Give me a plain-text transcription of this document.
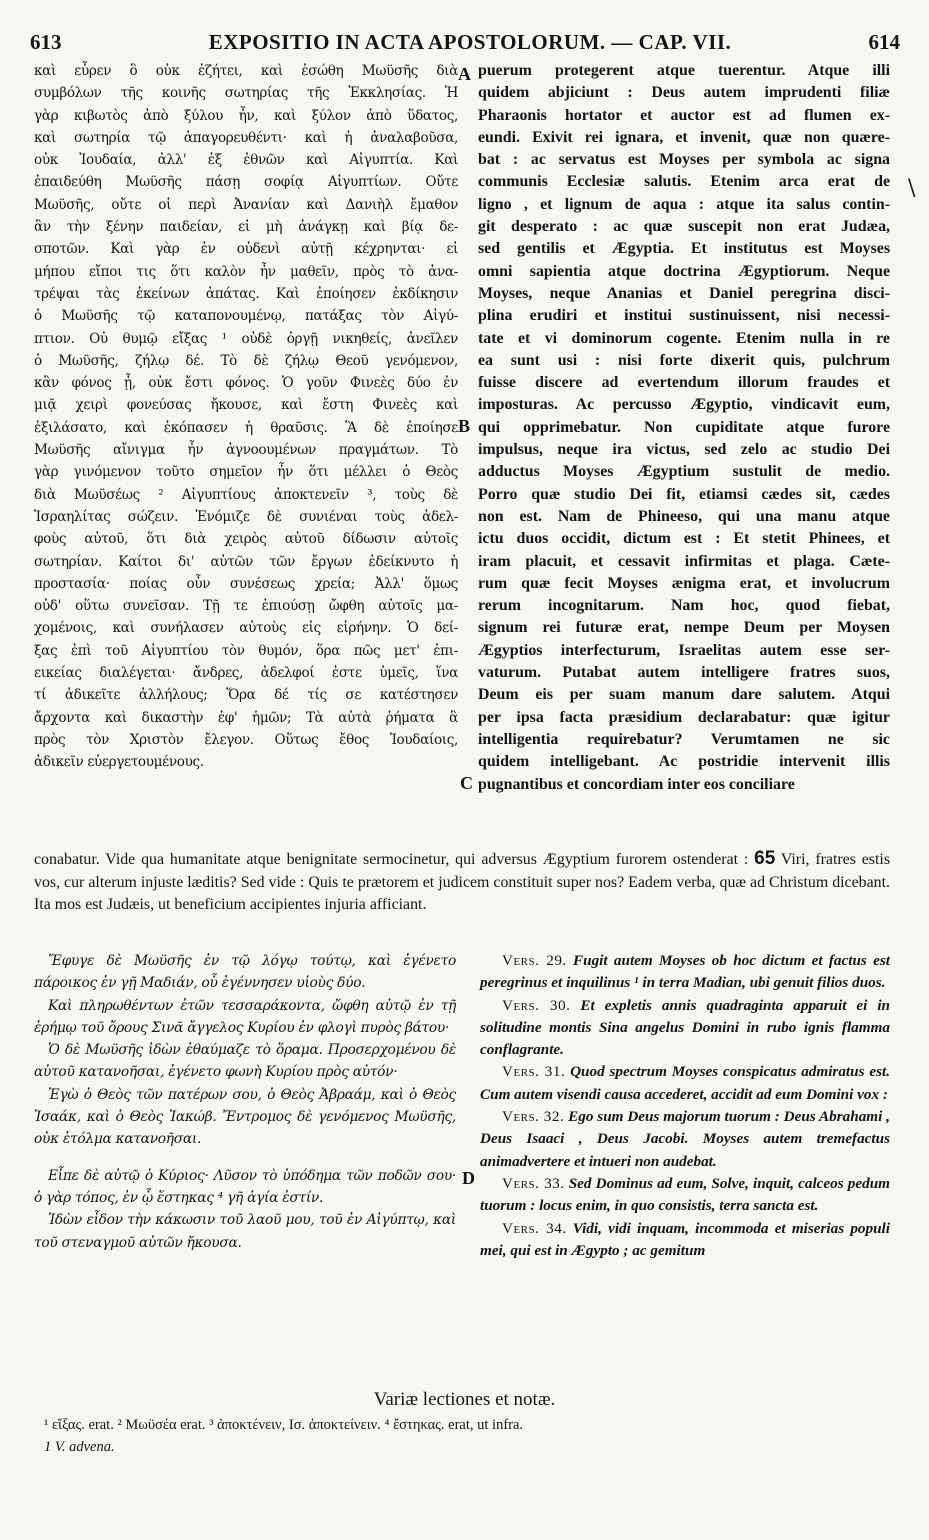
613	EXPOSITIO IN ACTA APOSTOLORUM. — CAP. VII.	614
καὶ εὗρεν ὃ οὐκ ἐζήτει, καὶ ἐσώθη Μωϋσῆς διὰ
συμβόλων τῆς κοινῆς σωτηρίας τῆς Ἐκκλησίας. Ἡ
γὰρ κιβωτὸς ἀπὸ ξύλου ἦν, καὶ ξύλον ἀπὸ ὕδατος,
καὶ σωτηρία τῷ ἀπαγορευθέντι· καὶ ἡ ἀναλαβοῦσα,
οὐκ Ἰουδαία, ἀλλ' ἐξ ἐθνῶν καὶ Αἰγυπτία. Καὶ
ἐπαιδεύθη Μωϋσῆς πάσῃ σοφίᾳ Αἰγυπτίων. Οὔτε
Μωϋσῆς, οὔτε οἱ περὶ Ἀνανίαν καὶ Δανιὴλ ἔμαθον
ἂν τὴν ξένην παιδείαν, εἰ μὴ ἀνάγκῃ καὶ βίᾳ δε-
σποτῶν. Καὶ γὰρ ἐν οὐδενὶ αὐτῇ κέχρηνται· εἰ
μήπου εἴποι τις ὅτι καλὸν ἦν μαθεῖν, πρὸς τὸ ἀνα-
τρέψαι τὰς ἐκείνων ἀπάτας. Καὶ ἐποίησεν ἐκδίκησιν
ὁ Μωϋσῆς τῷ καταπονουμένῳ, πατάξας τὸν Αἰγύ-
πτιον. Οὐ θυμῷ εἴξας ¹ οὐδὲ ὀργῇ νικηθείς, ἀνεῖλεν
ὁ Μωϋσῆς, ζήλῳ δέ. Τὸ δὲ ζήλῳ Θεοῦ γενόμενον,
κἂν φόνος ᾖ, οὐκ ἔστι φόνος. Ὁ γοῦν Φινεὲς δύο ἐν
μιᾷ χειρὶ φονεύσας ἤκουσε, καὶ ἔστη Φινεὲς καὶ
ἐξιλάσατο, καὶ ἐκόπασεν ἡ θραῦσις. Ἃ δὲ ἐποίησε
Μωϋσῆς αἴνιγμα ἦν ἀγνοουμένων πραγμάτων. Τὸ
γὰρ γινόμενον τοῦτο σημεῖον ἦν ὅτι μέλλει ὁ Θεὸς
διὰ Μωϋσέως ² Αἰγυπτίους ἀποκτενεῖν ³, τοὺς δὲ
Ἰσραηλίτας σώζειν. Ἐνόμιζε δὲ συνιέναι τοὺς ἀδελ-
φοὺς αὐτοῦ, ὅτι διὰ χειρὸς αὐτοῦ δίδωσιν αὐτοῖς
σωτηρίαν. Καίτοι δι' αὐτῶν τῶν ἔργων ἐδείκνυτο ἡ
προστασία· ποίας οὖν συνέσεως χρεία; Ἀλλ' ὅμως
οὐδ' οὕτω συνεῖσαν. Τῇ τε ἐπιούσῃ ὤφθη αὐτοῖς μα-
χομένοις, καὶ συνήλασεν αὐτοὺς εἰς εἰρήνην. Ὁ δεί-
ξας ἐπὶ τοῦ Αἰγυπτίου τὸν θυμόν, ὅρα πῶς μετ' ἐπι-
εικείας διαλέγεται· ἄνδρες, ἀδελφοί ἐστε ὑμεῖς, ἵνα
τί ἀδικεῖτε ἀλλήλους; Ὅρα δέ τίς σε κατέστησεν
ἄρχοντα καὶ δικαστὴν ἐφ' ἡμῶν; Τὰ αὐτὰ ῥήματα ἃ
πρὸς τὸν Χριστὸν ἔλεγον. Οὕτως ἔθος Ἰουδαίοις,
ἀδικεῖν εὐεργετουμένους.
puerum protegerent atque tuerentur. Atque illi
quidem abjiciunt : Deus autem imprudenti filiæ
Pharaonis hortator et auctor est ad flumen ex-
eundi. Exivit rei ignara, et invenit, quæ non quære-
bat : ac servatus est Moyses per symbola ac signa
communis Ecclesiæ salutis. Etenim arca erat de
ligno , et lignum de aqua : atque ita salus contin-
git desperato : ac quæ suscepit non erat Judæa,
sed gentilis et Ægyptia. Et institutus est Moyses
omni sapientia atque doctrina Ægyptiorum. Neque
Moyses, neque Ananias et Daniel peregrina disci-
plina erudiri et institui sustinuissent, nisi necessi-
tate et vi dominorum cogente. Etenim nulla in re
ea sunt usi : nisi forte dixerit quis, pulchrum
fuisse discere ad evertendum illorum fraudes et
imposturas. Ac percusso Ægyptio, vindicavit eum,
qui opprimebatur. Non cupiditate atque furore
impulsus, neque ira victus, sed zelo ac studio Dei
adductus Moyses Ægyptium sustulit de medio.
Porro quæ studio Dei fit, etiamsi cædes sit, cædes
non est. Nam de Phineeso, qui una manu atque
ictu duos occidit, dictum est : Et stetit Phinees, et
iram placuit, et cessavit infirmitas et plaga. Cæte-
rum quæ fecit Moyses ænigma erat, et involucrum
rerum incognitarum. Nam hoc, quod fiebat,
signum rei futuræ erat, nempe Deum per Moysen
Ægyptios interfecturum, Israelitas autem esse ser-
vaturum. Putabat autem intelligere fratres suos,
Deum eis per suam manum dare salutem. Atqui
per ipsa facta præsidium declarabatur: quæ igitur
intelligentia requirebatur? Verumtamen ne sic
quidem intelligebant. Ac postridie intervenit illis
pugnantibus et concordiam inter eos conciliare
A
B
C
D
\
conabatur. Vide qua humanitate atque benignitate sermocinetur, qui adversus Ægyptium furorem ostenderat : 65 Viri, fratres estis vos, cur alterum injuste læditis? Sed vide : Quis te prætorem et judicem constituit super nos? Eadem verba, quæ ad Christum dicebant. Ita mos est Judæis, ut beneficium accipientes injuria afficiant.

Ἔφυγε δὲ Μωϋσῆς ἐν τῷ λόγῳ τούτῳ, καὶ ἐγένετο πάροικος ἐν γῇ Μαδιάν, οὗ ἐγέννησεν υἱοὺς δύο.

Καὶ πληρωθέντων ἐτῶν τεσσαράκοντα, ὤφθη αὐτῷ ἐν τῇ ἐρήμῳ τοῦ ὄρους Σινᾶ ἄγγελος Κυρίου ἐν φλογὶ πυρὸς βάτου·

Ὁ δὲ Μωϋσῆς ἰδὼν ἐθαύμαζε τὸ ὅραμα. Προσερχομένου δὲ αὐτοῦ κατανοῆσαι, ἐγένετο φωνὴ Κυρίου πρὸς αὐτόν·

Ἐγὼ ὁ Θεὸς τῶν πατέρων σου, ὁ Θεὸς Ἀβραάμ, καὶ ὁ Θεὸς Ἰσαάκ, καὶ ὁ Θεὸς Ἰακώβ. Ἔντρομος δὲ γενόμενος Μωϋσῆς, οὐκ ἐτόλμα κατανοῆσαι.

Εἶπε δὲ αὐτῷ ὁ Κύριος· Λῦσον τὸ ὑπόδημα τῶν ποδῶν σου· ὁ γὰρ τόπος, ἐν ᾧ ἕστηκας ⁴ γῆ ἁγία ἐστίν.

Ἰδὼν εἶδον τὴν κάκωσιν τοῦ λαοῦ μου, τοῦ ἐν Αἰγύπτῳ, καὶ τοῦ στεναγμοῦ αὐτῶν ἤκουσα.

Vers. 29. Fugit autem Moyses ob hoc dictum et factus est peregrinus et inquilinus ¹ in terra Madian, ubi genuit filios duos.

Vers. 30. Et expletis annis quadraginta apparuit ei in solitudine montis Sina angelus Domini in rubo ignis flamma conflagrante.

Vers. 31. Quod spectrum Moyses conspicatus admiratus est. Cum autem visendi causa accederet, accidit ad eum Domini vox :

Vers. 32. Ego sum Deus majorum tuorum : Deus Abrahami , Deus Isaaci , Deus Jacobi. Moyses autem tremefactus animadvertere et intueri non audebat.

Vers. 33. Sed Dominus ad eum, Solve, inquit, calceos pedum tuorum : locus enim, in quo consistis, terra sancta est.

Vers. 34. Vidi, vidi inquam, incommoda et miserias populi mei, qui est in Ægypto ; ac gemitum

Variæ lectiones et notæ.
¹ εἴξας. erat. ² Μωϋσέα erat. ³ ἀποκτένειν, Ισ. ἀποκτείνειν. ⁴ ἔστηκας. erat, ut infra.
1 V. advena.
